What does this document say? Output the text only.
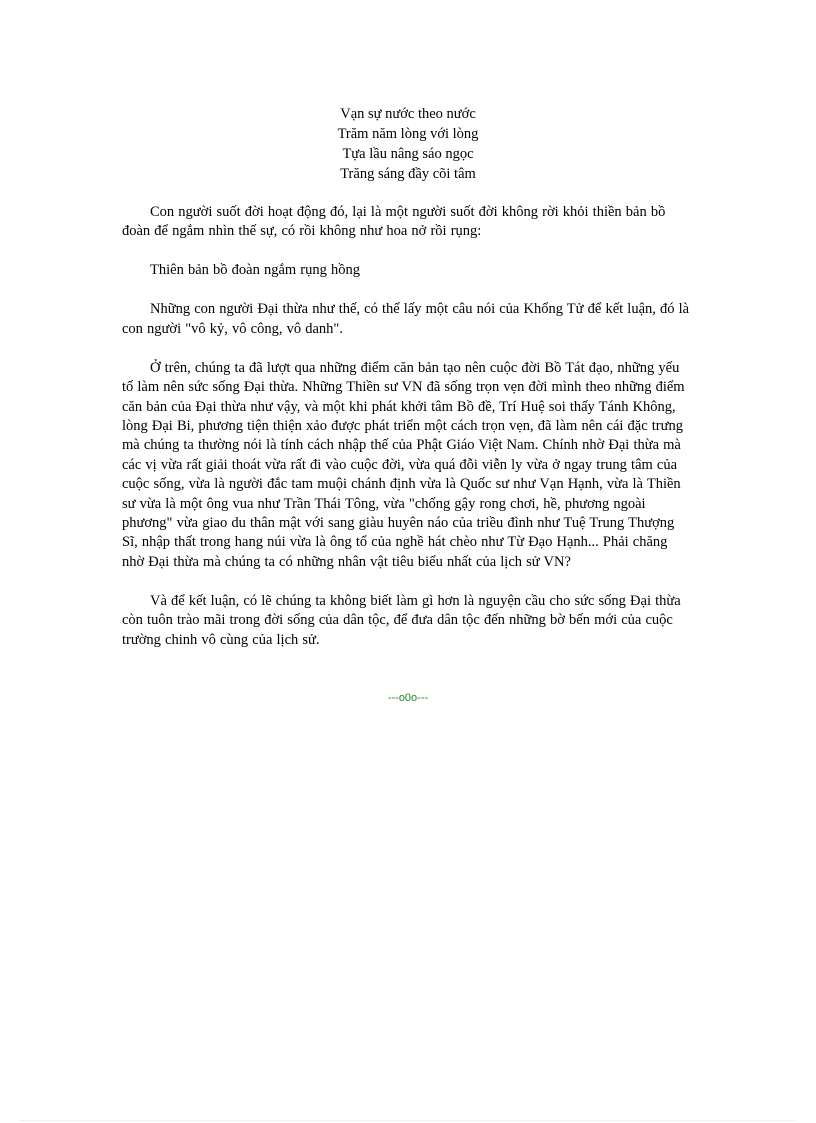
Vạn sự nước theo nước
Trăm năm lòng với lòng
Tựa lầu nâng sáo ngọc
Trăng sáng đầy cõi tâm

Con người suốt đời hoạt động đó, lại là một người suốt đời không rời khỏi thiền bản bồ đoàn để ngắm nhìn thế sự, có rồi không như hoa nở rồi rụng:

Thiên bản bồ đoàn ngắm rụng hồng

Những con người Đại thừa như thế, có thể lấy một câu nói của Khổng Tử để kết luận, đó là con người "vô kỷ, vô công, vô danh".

Ở trên, chúng ta đã lượt qua những điểm căn bản tạo nên cuộc đời Bồ Tát đạo, những yếu tố làm nên sức sống Đại thừa. Những Thiền sư VN đã sống trọn vẹn đời mình theo những điểm căn bản của Đại thừa như vậy, và một khi phát khởi tâm Bồ đề, Trí Huệ soi thấy Tánh Không, lòng Đại Bi, phương tiện thiện xảo được phát triển một cách trọn vẹn, đã làm nên cái đặc trưng mà chúng ta thường nói là tính cách nhập thế của Phật Giáo Việt Nam. Chính nhờ Đại thừa mà các vị vừa rất giải thoát vừa rất đi vào cuộc đời, vừa quá đỗi viễn ly vừa ở ngay trung tâm của cuộc sống, vừa là người đắc tam muội chánh định vừa là Quốc sư như Vạn Hạnh, vừa là Thiền sư vừa là một ông vua như Trần Thái Tông, vừa "chống gậy rong chơi, hề, phương ngoài phương" vừa giao du thân mật với sang giàu huyên náo của triều đình như Tuệ Trung Thượng Sĩ, nhập thất trong hang núi vừa là ông tổ của nghề hát chèo như Từ Đạo Hạnh... Phải chăng nhờ Đại thừa mà chúng ta có những nhân vật tiêu biểu nhất của lịch sử VN?

Và để kết luận, có lẽ chúng ta không biết làm gì hơn là nguyện cầu cho sức sống Đại thừa còn tuôn trào mãi trong đời sống của dân tộc, để đưa dân tộc đến những bờ bến mới của cuộc trường chinh vô cùng của lịch sử.

---o0o---
